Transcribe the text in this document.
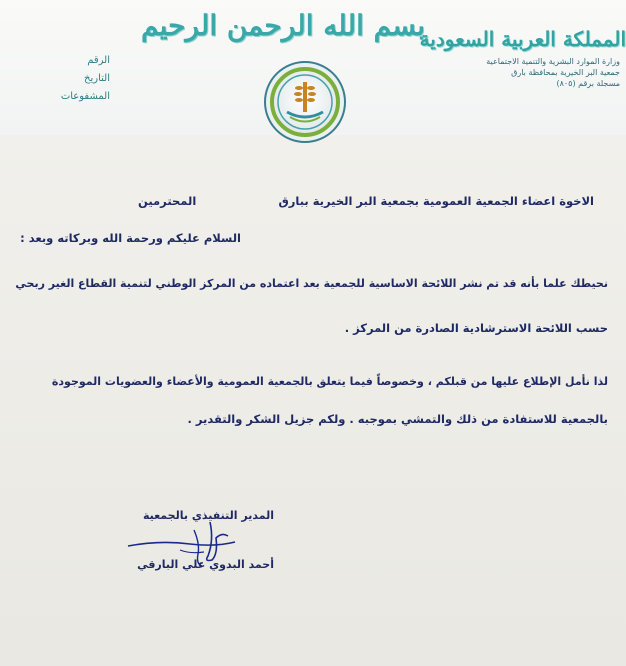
بسم الله الرحمن الرحيم
المملكة العربية السعودية
وزارة الموارد البشرية والتنمية الاجتماعية
جمعية البر الخيرية بمحافظة بارق
مسجلة برقم (٨٠٥)
الرقم
التاريخ
المشفوعات
الاخوة اعضاء الجمعية العمومية بجمعية البر الخيرية ببارق
المحترمين
السلام عليكم ورحمة الله وبركاته وبعد :
نحيطك علما بأنه قد تم نشر اللائحة الاساسية للجمعية بعد اعتماده من المركز الوطني لتنمية القطاع الغير ربحي
حسب اللائحة الاسترشادية الصادرة من المركز .
لذا نأمل الإطلاع عليها من قبلكم ، وخصوصاً فيما يتعلق بالجمعية العمومية والأعضاء والعضويات الموجودة
بالجمعية للاستفادة من ذلك والتمشي بموجبه . ولكم جزيل الشكر والتقدير .
المدير التنفيذي بالجمعية
أحمد البدوي علي البارقي
